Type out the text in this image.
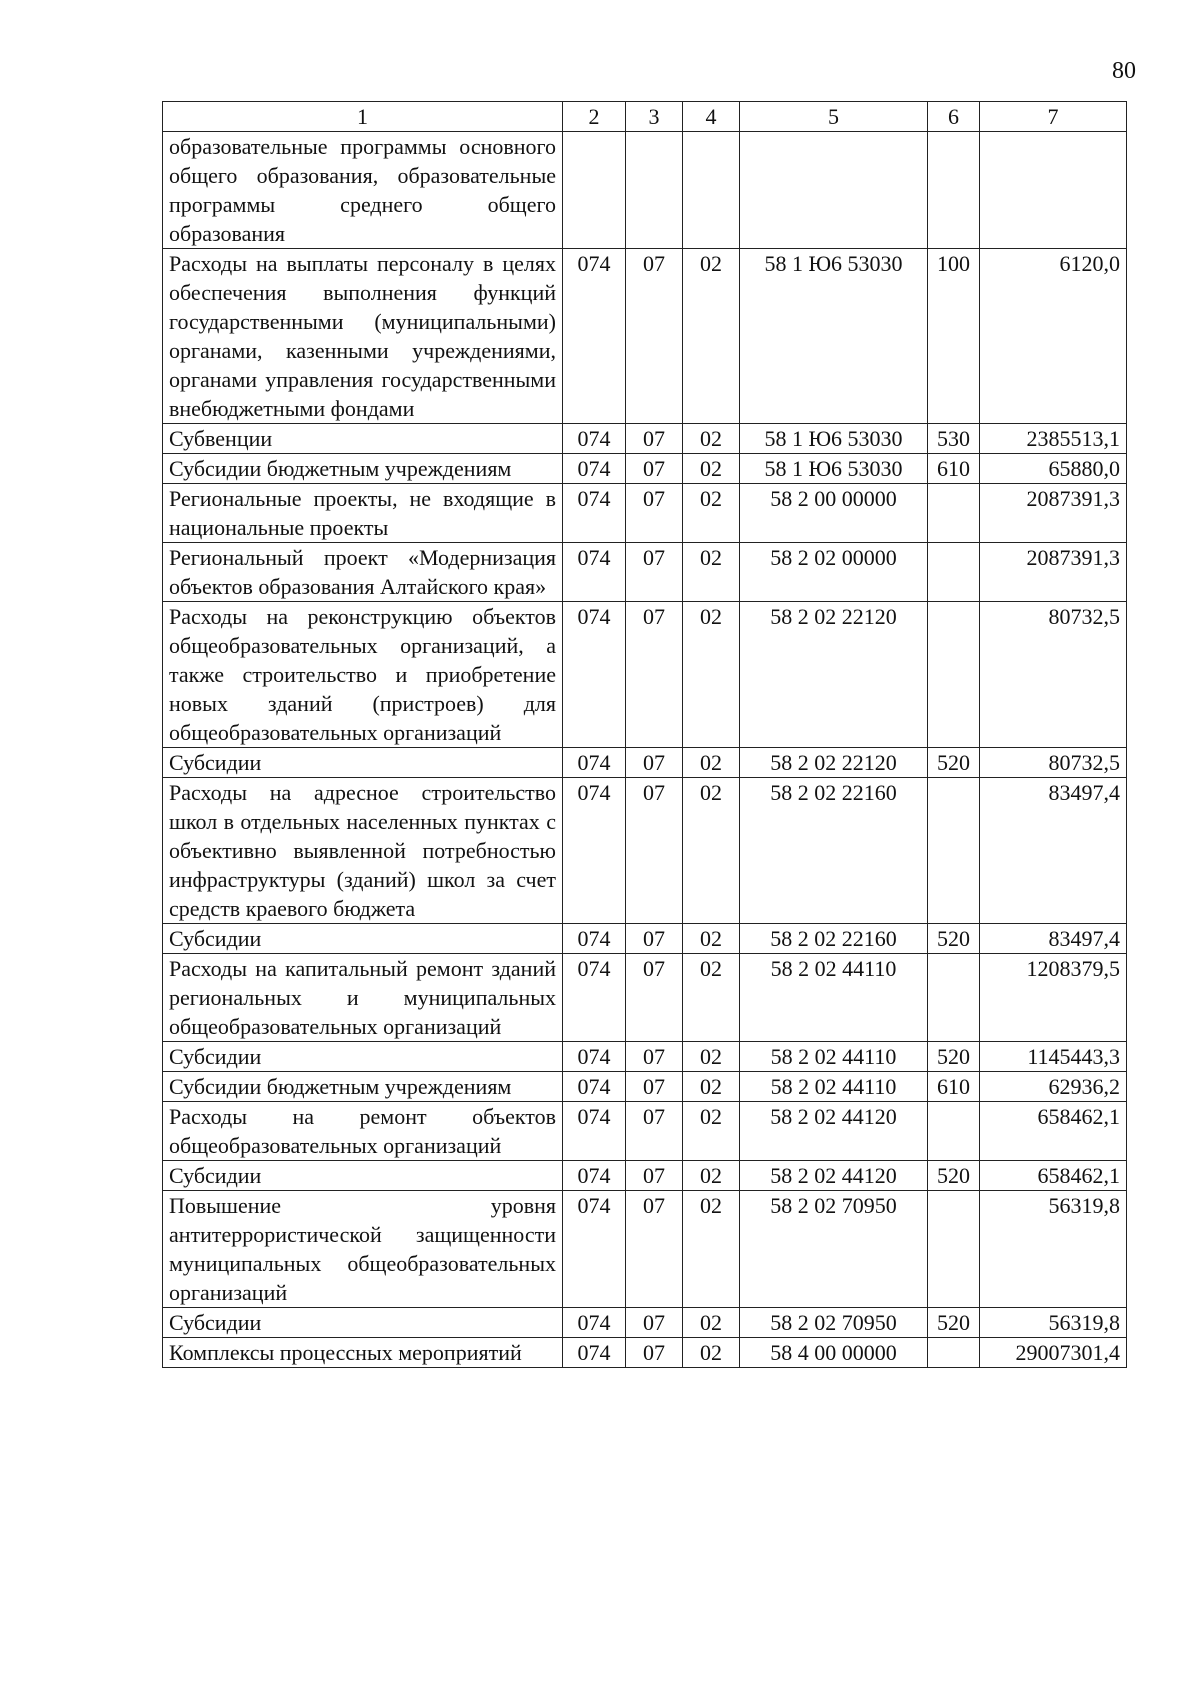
80
1	2	3	4	5	6	7
образовательные программы основного общего образования, образовательные программы среднего общего образования						
Расходы на выплаты персоналу в целях обеспечения выполнения функций государственными (муниципальными) органами, казенными учреждениями, органами управления государственными внебюджетными фондами	074	07	02	58 1 Ю6 53030	100	6120,0
Субвенции	074	07	02	58 1 Ю6 53030	530	2385513,1
Субсидии бюджетным учреждениям	074	07	02	58 1 Ю6 53030	610	65880,0
Региональные проекты, не входящие в национальные проекты	074	07	02	58 2 00 00000		2087391,3
Региональный проект «Модернизация объектов образования Алтайского края»	074	07	02	58 2 02 00000		2087391,3
Расходы на реконструкцию объектов общеобразовательных организаций, а также строительство и приобретение новых зданий (пристроев) для общеобразовательных организаций	074	07	02	58 2 02 22120		80732,5
Субсидии	074	07	02	58 2 02 22120	520	80732,5
Расходы на адресное строительство школ в отдельных населенных пунктах с объективно выявленной потребностью инфраструктуры (зданий) школ за счет средств краевого бюджета	074	07	02	58 2 02 22160		83497,4
Субсидии	074	07	02	58 2 02 22160	520	83497,4
Расходы на капитальный ремонт зданий региональных и муниципальных общеобразовательных организаций	074	07	02	58 2 02 44110		1208379,5
Субсидии	074	07	02	58 2 02 44110	520	1145443,3
Субсидии бюджетным учреждениям	074	07	02	58 2 02 44110	610	62936,2
Расходы на ремонт объектов общеобразовательных организаций	074	07	02	58 2 02 44120		658462,1
Субсидии	074	07	02	58 2 02 44120	520	658462,1
Повышение уровня антитеррористической защищенности муниципальных общеобразовательных организаций	074	07	02	58 2 02 70950		56319,8
Субсидии	074	07	02	58 2 02 70950	520	56319,8
Комплексы процессных мероприятий	074	07	02	58 4 00 00000		29007301,4
